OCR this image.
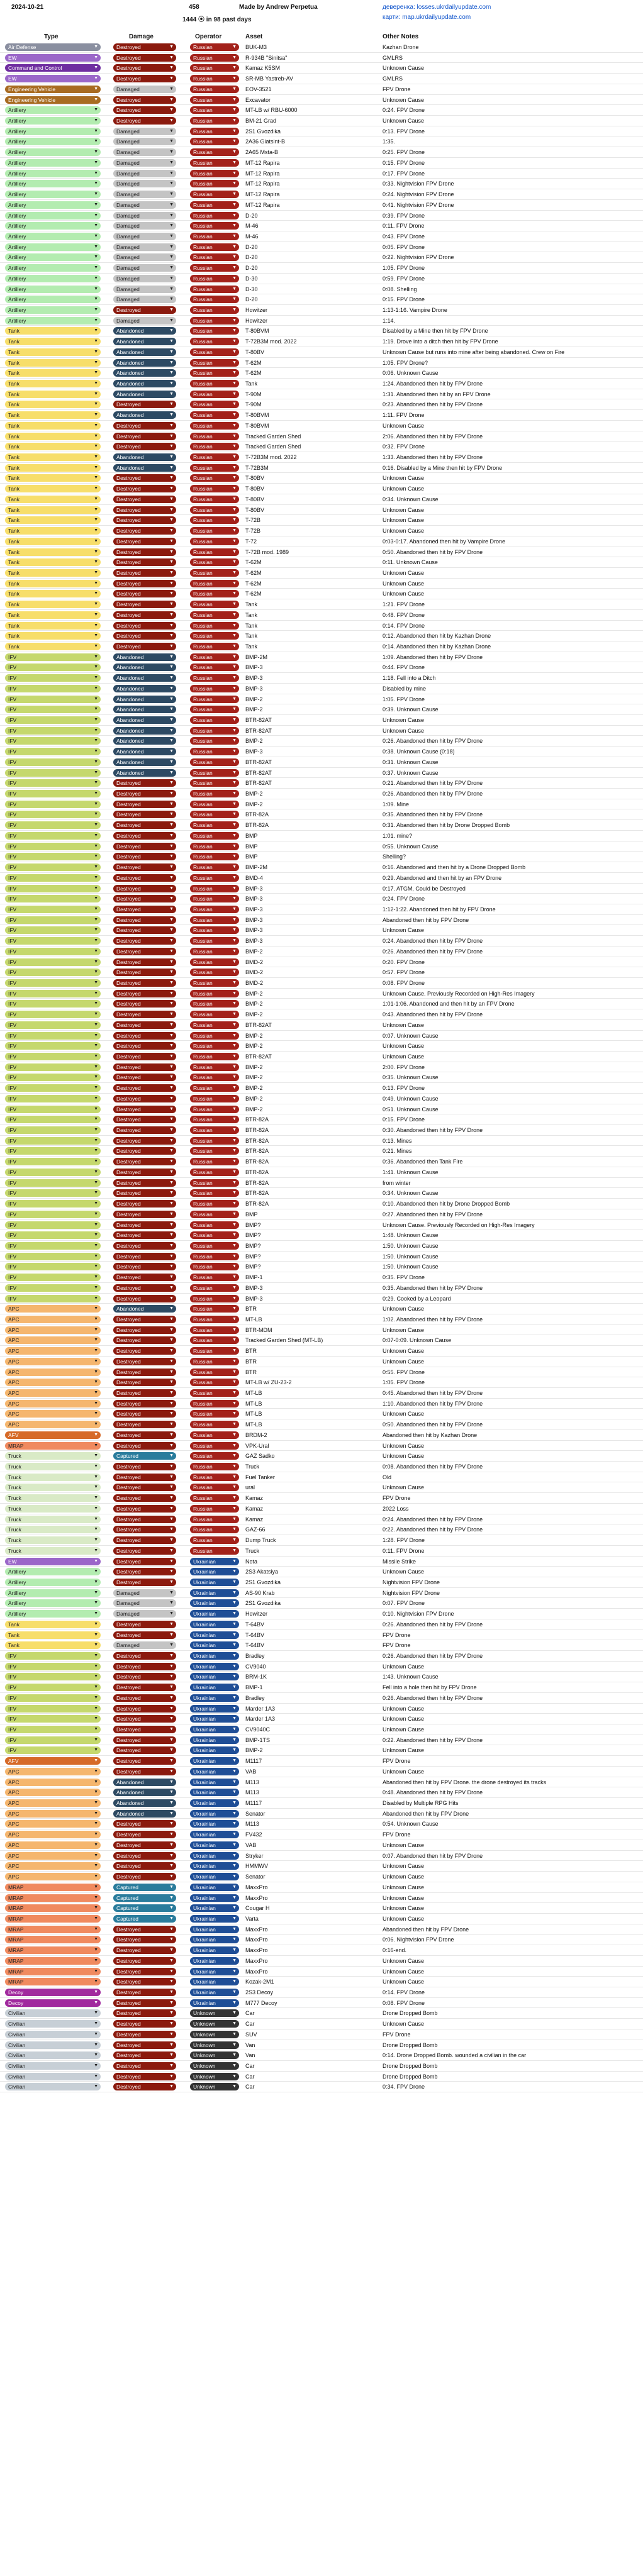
2024-10-21	458	Made by Andrew Perpetua	деверенка: losses.ukrdailyupdate.com
1444 ⦿ in 98 past days	карти: map.ukrdailyupdate.com
Type	Damage	Operator	Asset	Other Notes
Air Defense	▼	Destroyed	▼	Russian	▼ BUK-M3	Kazhan Drone
EW	▼	Destroyed	▼	Russian	▼ R-934B "Sinitsa"	GMLRS
Command and Control	▼	Destroyed	▼	Russian	▼ Kamaz K5SM	Unknown Cause
EW	▼	Destroyed	▼	Russian	▼ SR-MB Yastreb-AV	GMLRS
Engineering Vehicle	▼	Damaged	▼	Russian	▼ EOV-3521	FPV Drone
Engineering Vehicle	▼	Destroyed	▼	Russian	▼ Excavator	Unknown Cause
Artillery	▼	Destroyed	▼	Russian	▼ MT-LB w/ RBU-6000	0:24. FPV Drone
Artillery	▼	Destroyed	▼	Russian	▼ BM-21 Grad	Unknown Cause
Artillery	▼	Damaged	▼	Russian	▼ 2S1 Gvozdika	0:13. FPV Drone
Artillery	▼	Damaged	▼	Russian	▼ 2A36 Giatsint-B	1:35.
Artillery	▼	Damaged	▼	Russian	▼ 2A65 Msta-B	0:25. FPV Drone
Artillery	▼	Damaged	▼	Russian	▼ MT-12 Rapira	0:15. FPV Drone
Artillery	▼	Damaged	▼	Russian	▼ MT-12 Rapira	0:17. FPV Drone
Artillery	▼	Damaged	▼	Russian	▼ MT-12 Rapira	0:33. Nightvision FPV Drone
Artillery	▼	Damaged	▼	Russian	▼ MT-12 Rapira	0:24. Nightvision FPV Drone
Artillery	▼	Damaged	▼	Russian	▼ MT-12 Rapira	0:41. Nightvision FPV Drone
Artillery	▼	Damaged	▼	Russian	▼ D-20	0:39. FPV Drone
Artillery	▼	Damaged	▼	Russian	▼ M-46	0:11. FPV Drone
Artillery	▼	Damaged	▼	Russian	▼ M-46	0:43. FPV Drone
Artillery	▼	Damaged	▼	Russian	▼ D-20	0:05. FPV Drone
Artillery	▼	Damaged	▼	Russian	▼ D-20	0:22. Nightvision FPV Drone
Artillery	▼	Damaged	▼	Russian	▼ D-20	1:05. FPV Drone
Artillery	▼	Damaged	▼	Russian	▼ D-30	0:59. FPV Drone
Artillery	▼	Damaged	▼	Russian	▼ D-30	0:08. Shelling
Artillery	▼	Damaged	▼	Russian	▼ D-20	0:15. FPV Drone
Artillery	▼	Destroyed	▼	Russian	▼ Howitzer	1:13-1:16. Vampire Drone
Artillery	▼	Damaged	▼	Russian	▼ Howitzer	1:14.
Tank	▼	Abandoned	▼	Russian	▼ T-80BVM	Disabled by a Mine then hit by FPV Drone
Tank	▼	Abandoned	▼	Russian	▼ T-72B3M mod. 2022	1:19. Drove into a ditch then hit by FPV Drone
Tank	▼	Abandoned	▼	Russian	▼ T-80BV	Unknown Cause but runs into mine after being abandoned. Crew on Fire
Tank	▼	Abandoned	▼	Russian	▼ T-62M	1:05. FPV Drone?
Tank	▼	Abandoned	▼	Russian	▼ T-62M	0:06. Unknown Cause
Tank	▼	Abandoned	▼	Russian	▼ Tank	1:24. Abandoned then hit by FPV Drone
Tank	▼	Abandoned	▼	Russian	▼ T-90M	1:31. Abandoned then hit by an FPV Drone
Tank	▼	Destroyed	▼	Russian	▼ T-90M	0:23. Abandoned then hit by FPV Drone
Tank	▼	Abandoned	▼	Russian	▼ T-80BVM	1:11. FPV Drone
Tank	▼	Destroyed	▼	Russian	▼ T-80BVM	Unknown Cause
Tank	▼	Destroyed	▼	Russian	▼ Tracked Garden Shed	2:06. Abandoned then hit by FPV Drone
Tank	▼	Destroyed	▼	Russian	▼ Tracked Garden Shed	0:32. FPV Drone
Tank	▼	Abandoned	▼	Russian	▼ T-72B3M mod. 2022	1:33. Abandoned then hit by FPV Drone
Tank	▼	Abandoned	▼	Russian	▼ T-72B3M	0:16. Disabled by a Mine then hit by FPV Drone
Tank	▼	Destroyed	▼	Russian	▼ T-80BV	Unknown Cause
Tank	▼	Destroyed	▼	Russian	▼ T-80BV	Unknown Cause
Tank	▼	Destroyed	▼	Russian	▼ T-80BV	0:34. Unknown Cause
Tank	▼	Destroyed	▼	Russian	▼ T-80BV	Unknown Cause
Tank	▼	Destroyed	▼	Russian	▼ T-72B	Unknown Cause
Tank	▼	Destroyed	▼	Russian	▼ T-72B	Unknown Cause
Tank	▼	Destroyed	▼	Russian	▼ T-72	0:03-0:17. Abandoned then hit by Vampire Drone
Tank	▼	Destroyed	▼	Russian	▼ T-72B mod. 1989	0:50. Abandoned then hit by FPV Drone
Tank	▼	Destroyed	▼	Russian	▼ T-62M	0:11. Unknown Cause
Tank	▼	Destroyed	▼	Russian	▼ T-62M	Unknown Cause
Tank	▼	Destroyed	▼	Russian	▼ T-62M	Unknown Cause
Tank	▼	Destroyed	▼	Russian	▼ T-62M	Unknown Cause
Tank	▼	Destroyed	▼	Russian	▼ Tank	1:21. FPV Drone
Tank	▼	Destroyed	▼	Russian	▼ Tank	0:48. FPV Drone
Tank	▼	Destroyed	▼	Russian	▼ Tank	0:14. FPV Drone
Tank	▼	Destroyed	▼	Russian	▼ Tank	0:12. Abandoned then hit by Kazhan Drone
Tank	▼	Destroyed	▼	Russian	▼ Tank	0:14. Abandoned then hit by Kazhan Drone
IFV	▼	Abandoned	▼	Russian	▼ BMP-2M	1:09. Abandoned then hit by FPV Drone
IFV	▼	Abandoned	▼	Russian	▼ BMP-3	0:44. FPV Drone
IFV	▼	Abandoned	▼	Russian	▼ BMP-3	1:18. Fell into a Ditch
IFV	▼	Abandoned	▼	Russian	▼ BMP-3	Disabled by mine
IFV	▼	Abandoned	▼	Russian	▼ BMP-2	1:05. FPV Drone
IFV	▼	Abandoned	▼	Russian	▼ BMP-2	0:39. Unknown Cause
IFV	▼	Abandoned	▼	Russian	▼ BTR-82AT	Unknown Cause
IFV	▼	Abandoned	▼	Russian	▼ BTR-82AT	Unknown Cause
IFV	▼	Abandoned	▼	Russian	▼ BMP-2	0:26. Abandoned then hit by FPV Drone
IFV	▼	Abandoned	▼	Russian	▼ BMP-3	0:38. Unknown Cause (0:18)
IFV	▼	Abandoned	▼	Russian	▼ BTR-82AT	0:31. Unknown Cause
IFV	▼	Abandoned	▼	Russian	▼ BTR-82AT	0:37. Unknown Cause
IFV	▼	Destroyed	▼	Russian	▼ BTR-82AT	0:21. Abandoned then hit by FPV Drone
IFV	▼	Destroyed	▼	Russian	▼ BMP-2	0:26. Abandoned then hit by FPV Drone
IFV	▼	Destroyed	▼	Russian	▼ BMP-2	1:09. Mine
IFV	▼	Destroyed	▼	Russian	▼ BTR-82A	0:35. Abandoned then hit by FPV Drone
IFV	▼	Destroyed	▼	Russian	▼ BTR-82A	0:31. Abandoned then hit by Drone Dropped Bomb
IFV	▼	Destroyed	▼	Russian	▼ BMP	1:01. mine?
IFV	▼	Destroyed	▼	Russian	▼ BMP	0:55. Unknown Cause
IFV	▼	Destroyed	▼	Russian	▼ BMP	Shelling?
IFV	▼	Destroyed	▼	Russian	▼ BMP-2M	0:16. Abandoned and then hit by a Drone Dropped Bomb
IFV	▼	Destroyed	▼	Russian	▼ BMD-4	0:29. Abandoned and then hit by an FPV Drone
IFV	▼	Destroyed	▼	Russian	▼ BMP-3	0:17. ATGM, Could be Destroyed
IFV	▼	Destroyed	▼	Russian	▼ BMP-3	0:24. FPV Drone
IFV	▼	Destroyed	▼	Russian	▼ BMP-3	1:12-1:22. Abandoned then hit by FPV Drone
IFV	▼	Destroyed	▼	Russian	▼ BMP-3	Abandoned then hit by FPV Drone
IFV	▼	Destroyed	▼	Russian	▼ BMP-3	Unknown Cause
IFV	▼	Destroyed	▼	Russian	▼ BMP-3	0:24. Abandoned then hit by FPV Drone
IFV	▼	Destroyed	▼	Russian	▼ BMP-2	0:26. Abandoned then hit by FPV Drone
IFV	▼	Destroyed	▼	Russian	▼ BMD-2	0:20. FPV Drone
IFV	▼	Destroyed	▼	Russian	▼ BMD-2	0:57. FPV Drone
IFV	▼	Destroyed	▼	Russian	▼ BMD-2	0:08. FPV Drone
IFV	▼	Destroyed	▼	Russian	▼ BMP-2	Unknown Cause. Previously Recorded on High-Res Imagery
IFV	▼	Destroyed	▼	Russian	▼ BMP-2	1:01-1:06. Abandoned and then hit by an FPV Drone
IFV	▼	Destroyed	▼	Russian	▼ BMP-2	0:43. Abandoned then hit by FPV Drone
IFV	▼	Destroyed	▼	Russian	▼ BTR-82AT	Unknown Cause
IFV	▼	Destroyed	▼	Russian	▼ BMP-2	0:07. Unknown Cause
IFV	▼	Destroyed	▼	Russian	▼ BMP-2	Unknown Cause
IFV	▼	Destroyed	▼	Russian	▼ BTR-82AT	Unknown Cause
IFV	▼	Destroyed	▼	Russian	▼ BMP-2	2:00. FPV Drone
IFV	▼	Destroyed	▼	Russian	▼ BMP-2	0:35. Unknown Cause
IFV	▼	Destroyed	▼	Russian	▼ BMP-2	0:13. FPV Drone
IFV	▼	Destroyed	▼	Russian	▼ BMP-2	0:49. Unknown Cause
IFV	▼	Destroyed	▼	Russian	▼ BMP-2	0:51. Unknown Cause
IFV	▼	Destroyed	▼	Russian	▼ BTR-82A	0:15. FPV Drone
IFV	▼	Destroyed	▼	Russian	▼ BTR-82A	0:30. Abandoned then hit by FPV Drone
IFV	▼	Destroyed	▼	Russian	▼ BTR-82A	0:13. Mines
IFV	▼	Destroyed	▼	Russian	▼ BTR-82A	0:21. Mines
IFV	▼	Destroyed	▼	Russian	▼ BTR-82A	0:36. Abandoned then Tank Fire
IFV	▼	Destroyed	▼	Russian	▼ BTR-82A	1:41. Unknown Cause
IFV	▼	Destroyed	▼	Russian	▼ BTR-82A	from winter
IFV	▼	Destroyed	▼	Russian	▼ BTR-82A	0:34. Unknown Cause
IFV	▼	Destroyed	▼	Russian	▼ BTR-82A	0:10. Abandoned then hit by Drone Dropped Bomb
IFV	▼	Destroyed	▼	Russian	▼ BMP	0:27. Abandoned then hit by FPV Drone
IFV	▼	Destroyed	▼	Russian	▼ BMP?	Unknown Cause. Previously Recorded on High-Res Imagery
IFV	▼	Destroyed	▼	Russian	▼ BMP?	1:48. Unknown Cause
IFV	▼	Destroyed	▼	Russian	▼ BMP?	1:50. Unknown Cause
IFV	▼	Destroyed	▼	Russian	▼ BMP?	1:50. Unknown Cause
IFV	▼	Destroyed	▼	Russian	▼ BMP?	1:50. Unknown Cause
IFV	▼	Destroyed	▼	Russian	▼ BMP-1	0:35. FPV Drone
IFV	▼	Destroyed	▼	Russian	▼ BMP-3	0:35. Abandoned then hit by FPV Drone
IFV	▼	Destroyed	▼	Russian	▼ BMP-3	0:29. Cooked by a Leopard
APC	▼	Abandoned	▼	Russian	▼ BTR	Unknown Cause
APC	▼	Destroyed	▼	Russian	▼ MT-LB	1:02. Abandoned then hit by FPV Drone
APC	▼	Destroyed	▼	Russian	▼ BTR-MDM	Unknown Cause
APC	▼	Destroyed	▼	Russian	▼ Tracked Garden Shed (MT-LB)	0:07-0:09. Unknown Cause
APC	▼	Destroyed	▼	Russian	▼ BTR	Unknown Cause
APC	▼	Destroyed	▼	Russian	▼ BTR	Unknown Cause
APC	▼	Destroyed	▼	Russian	▼ BTR	0:55. FPV Drone
APC	▼	Destroyed	▼	Russian	▼ MT-LB w/ ZU-23-2	1:05. FPV Drone
APC	▼	Destroyed	▼	Russian	▼ MT-LB	0:45. Abandoned then hit by FPV Drone
APC	▼	Destroyed	▼	Russian	▼ MT-LB	1:10. Abandoned then hit by FPV Drone
APC	▼	Destroyed	▼	Russian	▼ MT-LB	Unknown Cause
APC	▼	Destroyed	▼	Russian	▼ MT-LB	0:50. Abandoned then hit by FPV Drone
AFV	▼	Destroyed	▼	Russian	▼ BRDM-2	Abandoned then hit by Kazhan Drone
MRAP	▼	Destroyed	▼	Russian	▼ VPK-Ural	Unknown Cause
Truck	▼	Captured	▼	Russian	▼ GAZ Sadko	Unknown Cause
Truck	▼	Destroyed	▼	Russian	▼ Truck	0:08. Abandoned then hit by FPV Drone
Truck	▼	Destroyed	▼	Russian	▼ Fuel Tanker	Old
Truck	▼	Destroyed	▼	Russian	▼ ural	Unknown Cause
Truck	▼	Destroyed	▼	Russian	▼ Kamaz	FPV Drone
Truck	▼	Destroyed	▼	Russian	▼ Kamaz	2022 Loss
Truck	▼	Destroyed	▼	Russian	▼ Kamaz	0:24. Abandoned then hit by FPV Drone
Truck	▼	Destroyed	▼	Russian	▼ GAZ-66	0:22. Abandoned then hit by FPV Drone
Truck	▼	Destroyed	▼	Russian	▼ Dump Truck	1:28. FPV Drone
Truck	▼	Destroyed	▼	Russian	▼ Truck	0:11. FPV Drone
EW	▼	Destroyed	▼	Ukrainian	▼ Nota	Missile Strike
Artillery	▼	Destroyed	▼	Ukrainian	▼ 2S3 Akatsiya	Unknown Cause
Artillery	▼	Destroyed	▼	Ukrainian	▼ 2S1 Gvozdika	Nightvision FPV Drone
Artillery	▼	Damaged	▼	Ukrainian	▼ AS-90 Krab	Nightvision FPV Drone
Artillery	▼	Damaged	▼	Ukrainian	▼ 2S1 Gvozdika	0:07. FPV Drone
Artillery	▼	Damaged	▼	Ukrainian	▼ Howitzer	0:10. Nightvision FPV Drone
Tank	▼	Destroyed	▼	Ukrainian	▼ T-64BV	0:26. Abandoned then hit by FPV Drone
Tank	▼	Destroyed	▼	Ukrainian	▼ T-64BV	FPV Drone
Tank	▼	Damaged	▼	Ukrainian	▼ T-64BV	FPV Drone
IFV	▼	Destroyed	▼	Ukrainian	▼ Bradley	0:26. Abandoned then hit by FPV Drone
IFV	▼	Destroyed	▼	Ukrainian	▼ CV9040	Unknown Cause
IFV	▼	Destroyed	▼	Ukrainian	▼ BRM-1K	1:43. Unknown Cause
IFV	▼	Destroyed	▼	Ukrainian	▼ BMP-1	Fell into a hole then hit by FPV Drone
IFV	▼	Destroyed	▼	Ukrainian	▼ Bradley	0:26. Abandoned then hit by FPV Drone
IFV	▼	Destroyed	▼	Ukrainian	▼ Marder 1A3	Unknown Cause
IFV	▼	Destroyed	▼	Ukrainian	▼ Marder 1A3	Unknown Cause
IFV	▼	Destroyed	▼	Ukrainian	▼ CV9040C	Unknown Cause
IFV	▼	Destroyed	▼	Ukrainian	▼ BMP-1TS	0:22. Abandoned then hit by FPV Drone
IFV	▼	Destroyed	▼	Ukrainian	▼ BMP-2	Unknown Cause
AFV	▼	Destroyed	▼	Ukrainian	▼ M1117	FPV Drone
APC	▼	Destroyed	▼	Ukrainian	▼ VAB	Unknown Cause
APC	▼	Abandoned	▼	Ukrainian	▼ M113	Abandoned then hit by FPV Drone. the drone destroyed its tracks
APC	▼	Abandoned	▼	Ukrainian	▼ M113	0:48. Abandoned then hit by FPV Drone
APC	▼	Abandoned	▼	Ukrainian	▼ M1117	Disabled by Multiple RPG Hits
APC	▼	Abandoned	▼	Ukrainian	▼ Senator	Abandoned then hit by FPV Drone
APC	▼	Destroyed	▼	Ukrainian	▼ M113	0:54. Unknown Cause
APC	▼	Destroyed	▼	Ukrainian	▼ FV432	FPV Drone
APC	▼	Destroyed	▼	Ukrainian	▼ VAB	Unknown Cause
APC	▼	Destroyed	▼	Ukrainian	▼ Stryker	0:07. Abandoned then hit by FPV Drone
APC	▼	Destroyed	▼	Ukrainian	▼ HMMWV	Unknown Cause
APC	▼	Destroyed	▼	Ukrainian	▼ Senator	Unknown Cause
MRAP	▼	Captured	▼	Ukrainian	▼ MaxxPro	Unknown Cause
MRAP	▼	Captured	▼	Ukrainian	▼ MaxxPro	Unknown Cause
MRAP	▼	Captured	▼	Ukrainian	▼ Cougar H	Unknown Cause
MRAP	▼	Captured	▼	Ukrainian	▼ Varta	Unknown Cause
MRAP	▼	Destroyed	▼	Ukrainian	▼ MaxxPro	Abandoned then hit by FPV Drone
MRAP	▼	Destroyed	▼	Ukrainian	▼ MaxxPro	0:06. Nightvision FPV Drone
MRAP	▼	Destroyed	▼	Ukrainian	▼ MaxxPro	0:16-end.
MRAP	▼	Destroyed	▼	Ukrainian	▼ MaxxPro	Unknown Cause
MRAP	▼	Destroyed	▼	Ukrainian	▼ MaxxPro	Unknown Cause
MRAP	▼	Destroyed	▼	Ukrainian	▼ Kozak-2M1	Unknown Cause
Decoy	▼	Destroyed	▼	Ukrainian	▼ 2S3 Decoy	0:14. FPV Drone
Decoy	▼	Destroyed	▼	Ukrainian	▼ M777 Decoy	0:08. FPV Drone
Civilian	▼	Destroyed	▼	Unknown	▼ Car	Drone Dropped Bomb
Civilian	▼	Destroyed	▼	Unknown	▼ Car	Unknown Cause
Civilian	▼	Destroyed	▼	Unknown	▼ SUV	FPV Drone
Civilian	▼	Destroyed	▼	Unknown	▼ Van	Drone Dropped Bomb
Civilian	▼	Destroyed	▼	Unknown	▼ Van	0:14. Drone Dropped Bomb. wounded a civilian in the car
Civilian	▼	Destroyed	▼	Unknown	▼ Car	Drone Dropped Bomb
Civilian	▼	Destroyed	▼	Unknown	▼ Car	Drone Dropped Bomb
Civilian	▼	Destroyed	▼	Unknown	▼ Car	0:34. FPV Drone
